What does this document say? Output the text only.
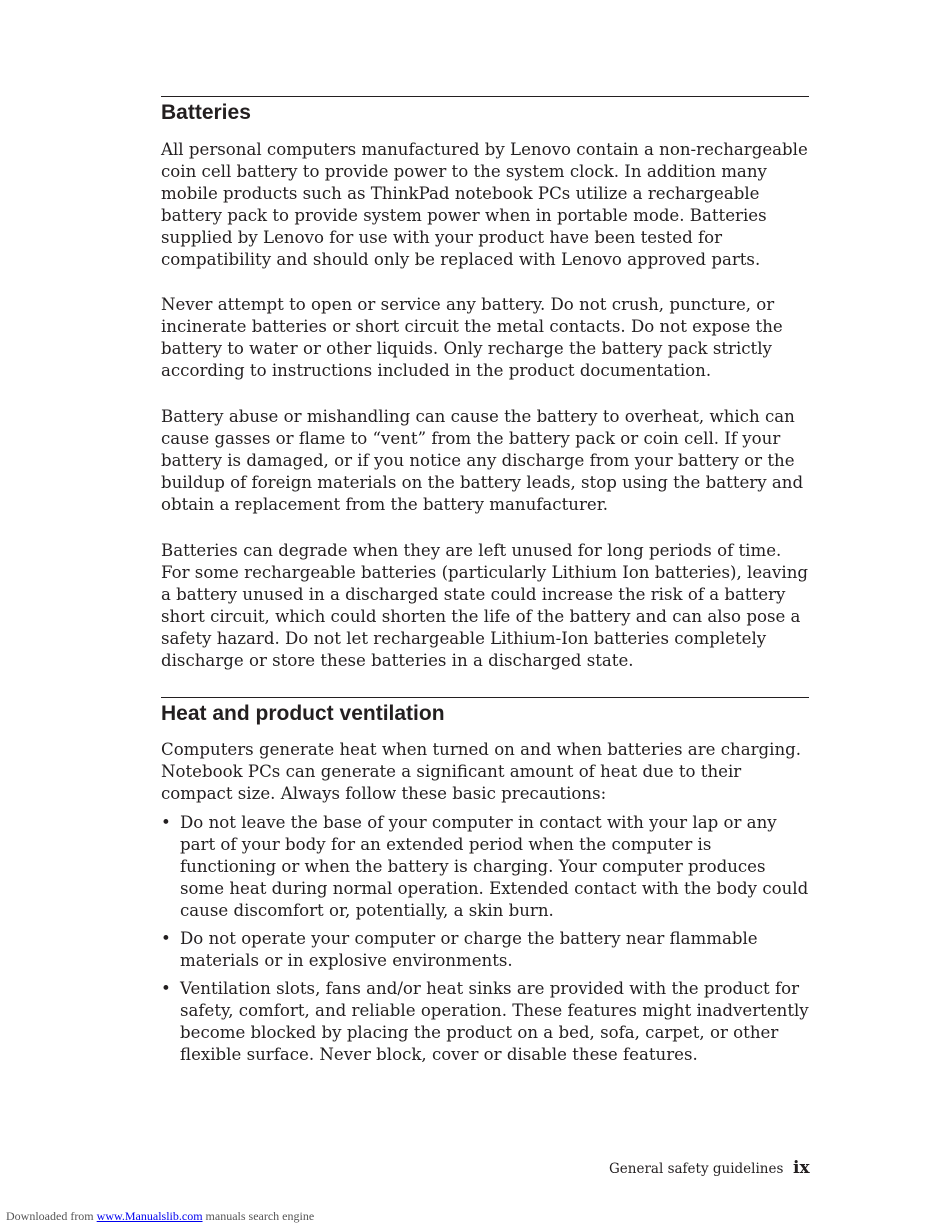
Batteries

All personal computers manufactured by Lenovo contain a non-rechargeable coin cell battery to provide power to the system clock. In addition many mobile products such as ThinkPad notebook PCs utilize a rechargeable battery pack to provide system power when in portable mode. Batteries supplied by Lenovo for use with your product have been tested for compatibility and should only be replaced with Lenovo approved parts.

Never attempt to open or service any battery. Do not crush, puncture, or incinerate batteries or short circuit the metal contacts. Do not expose the battery to water or other liquids. Only recharge the battery pack strictly according to instructions included in the product documentation.

Battery abuse or mishandling can cause the battery to overheat, which can cause gasses or flame to “vent” from the battery pack or coin cell. If your battery is damaged, or if you notice any discharge from your battery or the buildup of foreign materials on the battery leads, stop using the battery and obtain a replacement from the battery manufacturer.

Batteries can degrade when they are left unused for long periods of time. For some rechargeable batteries (particularly Lithium Ion batteries), leaving a battery unused in a discharged state could increase the risk of a battery short circuit, which could shorten the life of the battery and can also pose a safety hazard. Do not let rechargeable Lithium-Ion batteries completely discharge or store these batteries in a discharged state.

Heat and product ventilation

Computers generate heat when turned on and when batteries are charging. Notebook PCs can generate a significant amount of heat due to their compact size. Always follow these basic precautions:

• Do not leave the base of your computer in contact with your lap or any part of your body for an extended period when the computer is functioning or when the battery is charging. Your computer produces some heat during normal operation. Extended contact with the body could cause discomfort or, potentially, a skin burn.
• Do not operate your computer or charge the battery near flammable materials or in explosive environments.
• Ventilation slots, fans and/or heat sinks are provided with the product for safety, comfort, and reliable operation. These features might inadvertently become blocked by placing the product on a bed, sofa, carpet, or other flexible surface. Never block, cover or disable these features.
General safety guidelines ix
Downloaded from www.Manualslib.com manuals search engine
